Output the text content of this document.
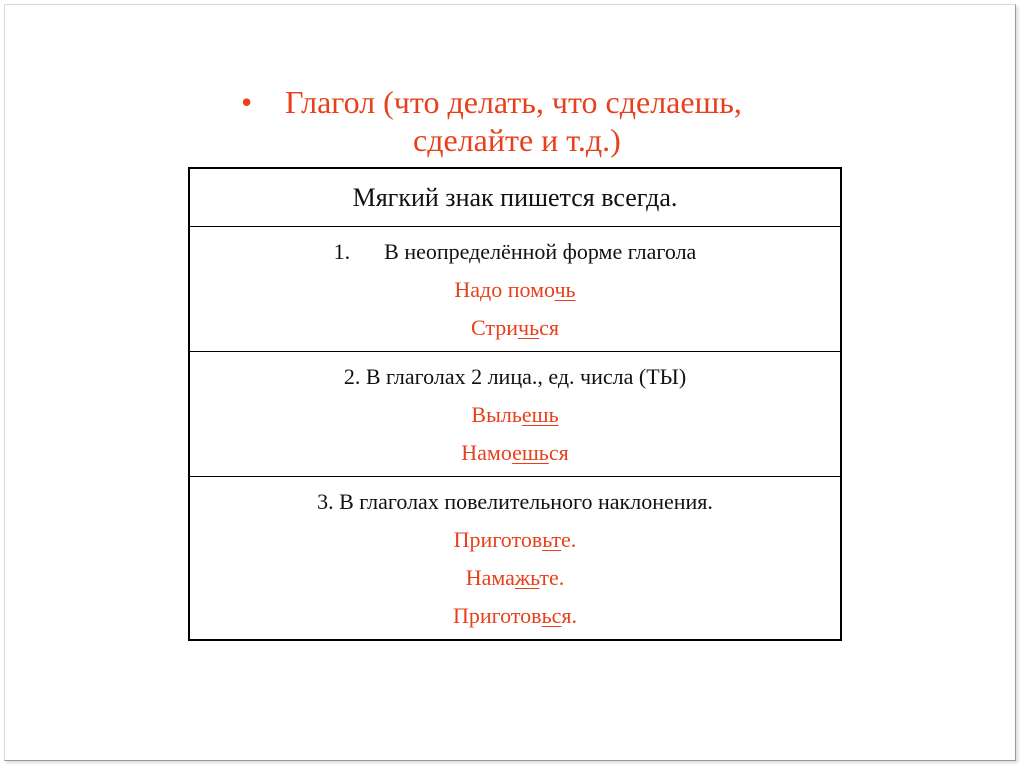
•	Глагол (что делать, что сделаешь,
сделайте и т.д.)
Мягкий знак пишется всегда.
1. В неопределённой форме глагола
Надо помочь
Стричься
2. В глаголах 2 лица., ед. числа (ТЫ)
Выльешь
Намоешься
3. В глаголах повелительного наклонения.
Приготовьте.
Намажьте.
Приготовься.
